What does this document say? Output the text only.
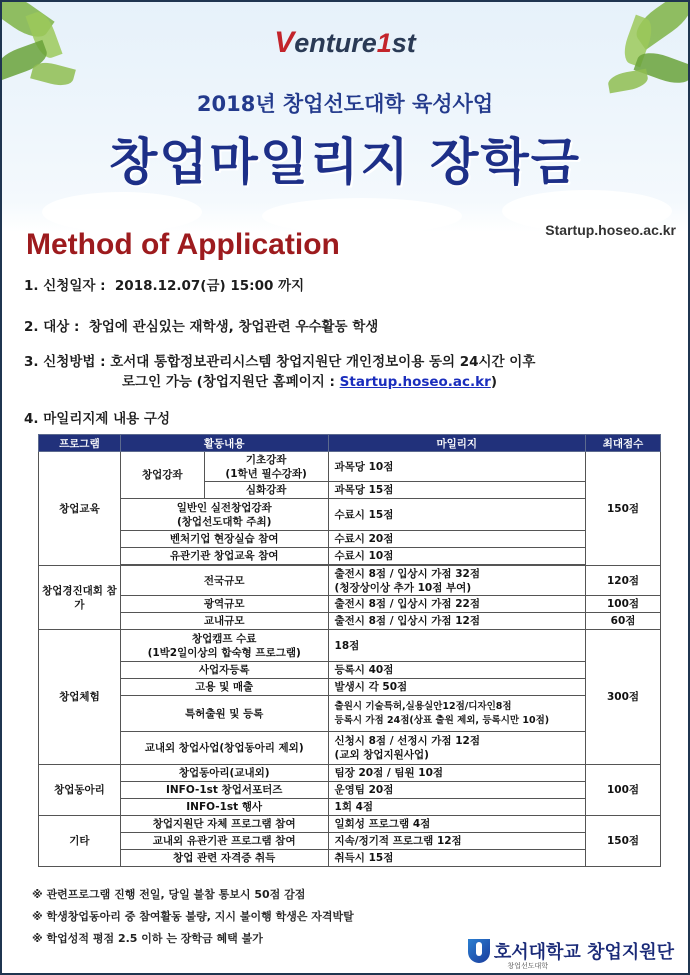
Venture1st
2018년 창업선도대학 육성사업
창업마일리지 장학금
Startup.hoseo.ac.kr
Method of Application
1. 신청일자 : 2018.12.07(금) 15:00 까지
2. 대상 : 창업에 관심있는 재학생, 창업관련 우수활동 학생
3. 신청방법 : 호서대 통합정보관리시스템 창업지원단 개인정보이용 동의 24시간 이후
로그인 가능 (창업지원단 홈페이지 : Startup.hoseo.ac.kr)
4. 마일리지제 내용 구성
프로그램	활동내용		마일리지	최대점수
창업교육	창업강좌	기초강좌
(1학년 필수강좌)	과목당 10점	150점
		심화강좌	과목당 15점	
	일반인 실전창업강좌
(창업선도대학 주최)		수료시 15점	
	벤처기업 현장실습 참여		수료시 20점	
	유관기관 창업교육 참여		수료시 10점	

창업경진대회 참가	전국규모		출전시 8점 / 입상시 가점 32점
(청장상이상 추가 10점 부여)	120점
	광역규모		출전시 8점 / 입상시 가점 22점	100점
	교내규모		출전시 8점 / 입상시 가점 12점	60점
창업체험	창업캠프 수료
(1박2일이상의 합숙형 프로그램)		18점	300점
	사업자등록		등록시 40점	
	고용 및 매출		발생시 각 50점	
	특허출원 및 등록		출원시 기술특허,실용실안12점/디자인8점
등록시 가점 24점(상표 출원 제외, 등록시만 10점)	
	교내외 창업사업(창업동아리 제외)		신청시 8점 / 선정시 가점 12점
(교외 창업지원사업)	
창업동아리	창업동아리(교내외)		팀장 20점 / 팀원 10점	100점
	INFO-1st 창업서포터즈		운영팀 20점	
	INFO-1st 행사		1회 4점	
기타	창업지원단 자체 프로그램 참여		일회성 프로그램 4점	150점
	교내외 유관기관 프로그램 참여		지속/정기적 프로그램 12점	
	창업 관련 자격증 취득		취득시 15점	
※ 관련프로그램 진행 전일, 당일 불참 통보시 50점 감점
※ 학생창업동아리 중 참여활동 불량, 지시 불이행 학생은 자격박탈
※ 학업성적 평점 2.5 이하 는 장학금 혜택 불가
호서대학교 창업지원단
창업선도대학
